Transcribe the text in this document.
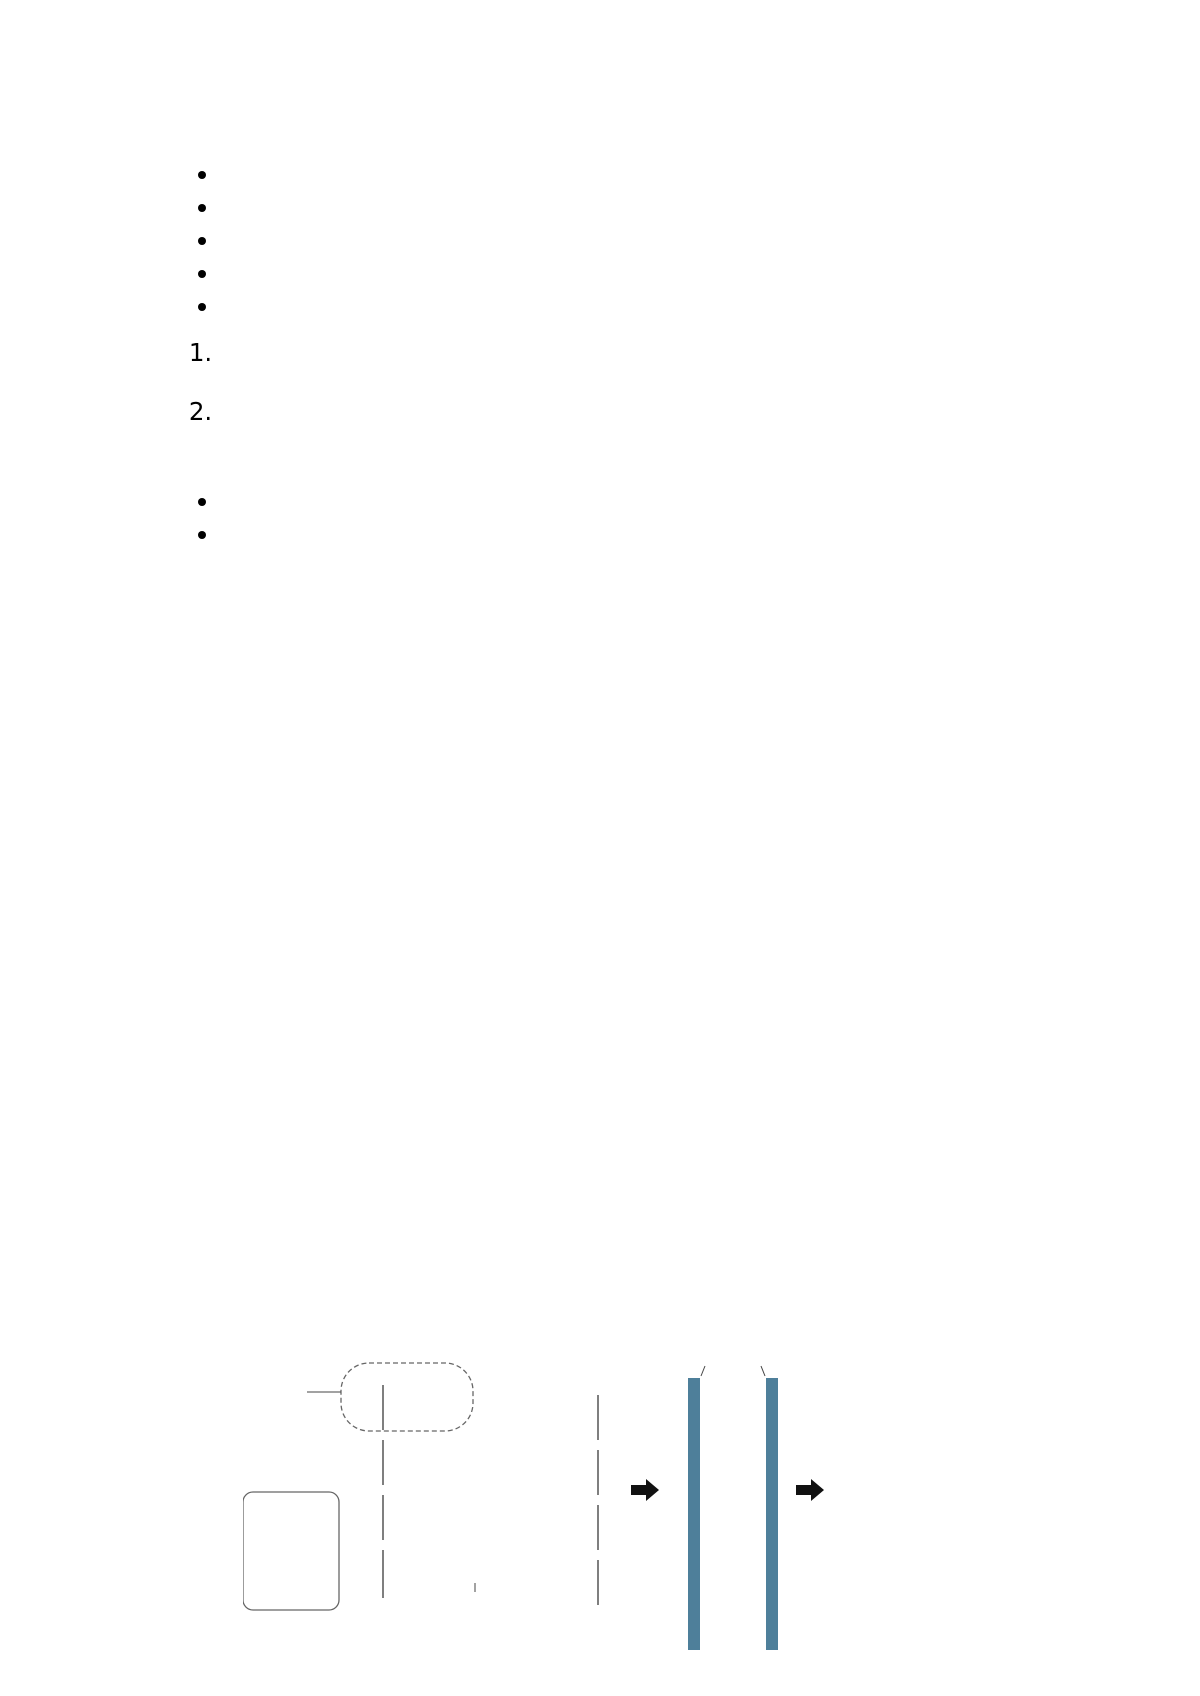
•
•
•
•
•

1.
2.

•
•
